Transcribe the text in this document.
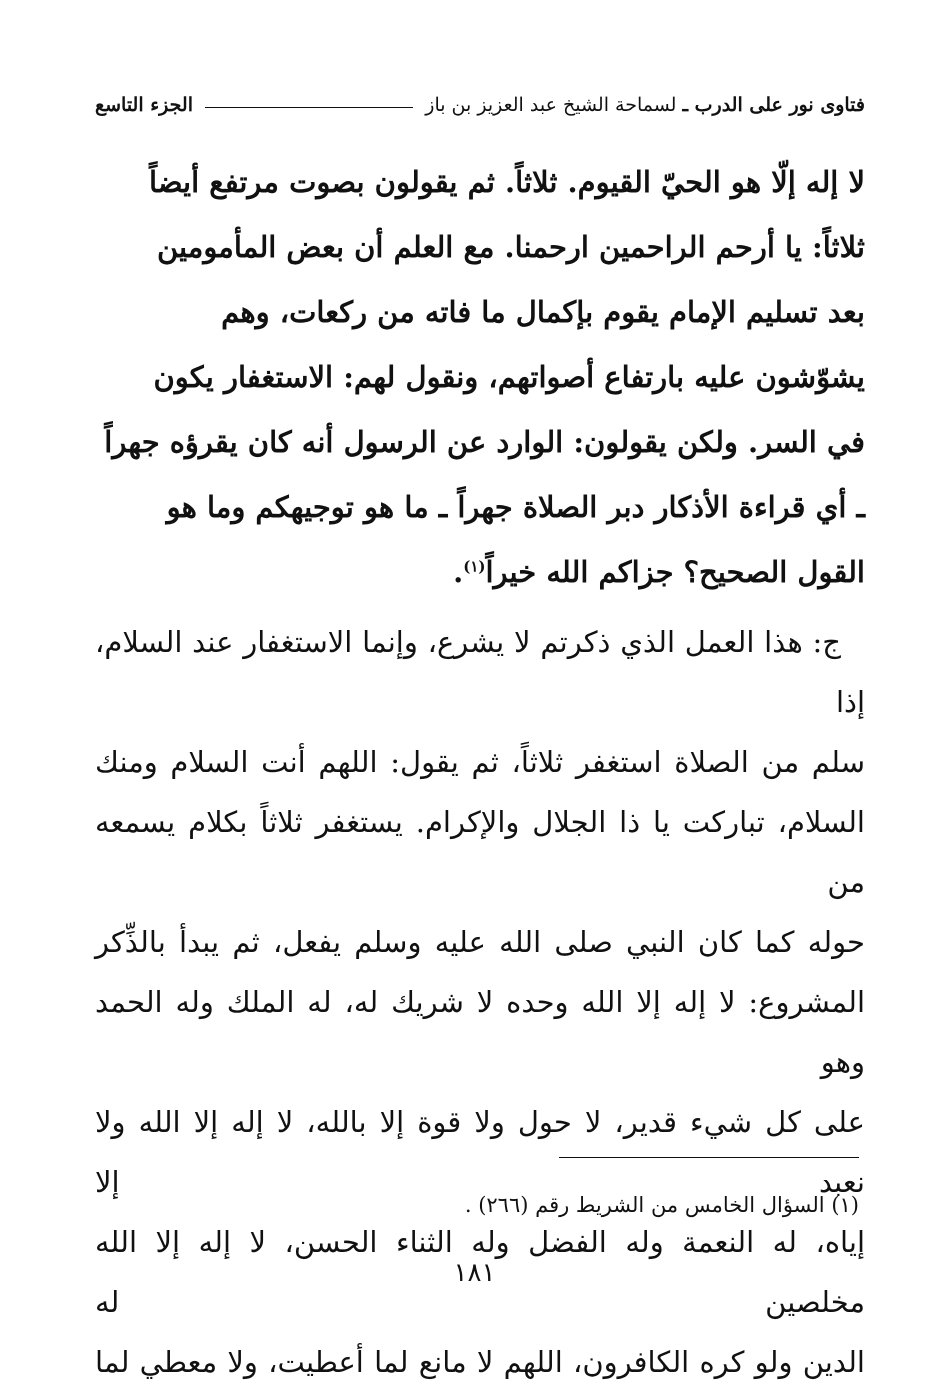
فتاوى نور على الدرب ـ
لسماحة الشيخ عبد العزيز بن باز
الجزء التاسع
لا إله إلّا هو الحيّ القيوم. ثلاثاً. ثم يقولون بصوت مرتفع أيضاً
ثلاثاً: يا أرحم الراحمين ارحمنا. مع العلم أن بعض المأمومين
بعد تسليم الإمام يقوم بإكمال ما فاته من ركعات، وهم
يشوّشون عليه بارتفاع أصواتهم، ونقول لهم: الاستغفار يكون
في السر. ولكن يقولون: الوارد عن الرسول أنه كان يقرؤه جهراً
ـ أي قراءة الأذكار دبر الصلاة جهراً ـ ما هو توجيهكم وما هو
القول الصحيح؟ جزاكم الله خيراً$^{(١)}$.
ج: هذا العمل الذي ذكرتم لا يشرع، وإنما الاستغفار عند السلام، إذا
سلم من الصلاة استغفر ثلاثاً، ثم يقول: اللهم أنت السلام ومنك
السلام، تباركت يا ذا الجلال والإكرام. يستغفر ثلاثاً بكلام يسمعه من
حوله كما كان النبي صلى الله عليه وسلم يفعل، ثم يبدأ بالذِّكر
المشروع: لا إله إلا الله وحده لا شريك له، له الملك وله الحمد وهو
على كل شيء قدير، لا حول ولا قوة إلا بالله، لا إله إلا الله ولا نعبد إلا
إياه، له النعمة وله الفضل وله الثناء الحسن، لا إله إلا الله مخلصين له
الدين ولو كره الكافرون، اللهم لا مانع لما أعطيت، ولا معطي لما
(١) السؤال الخامس من الشريط رقم (٢٦٦) .
١٨١
